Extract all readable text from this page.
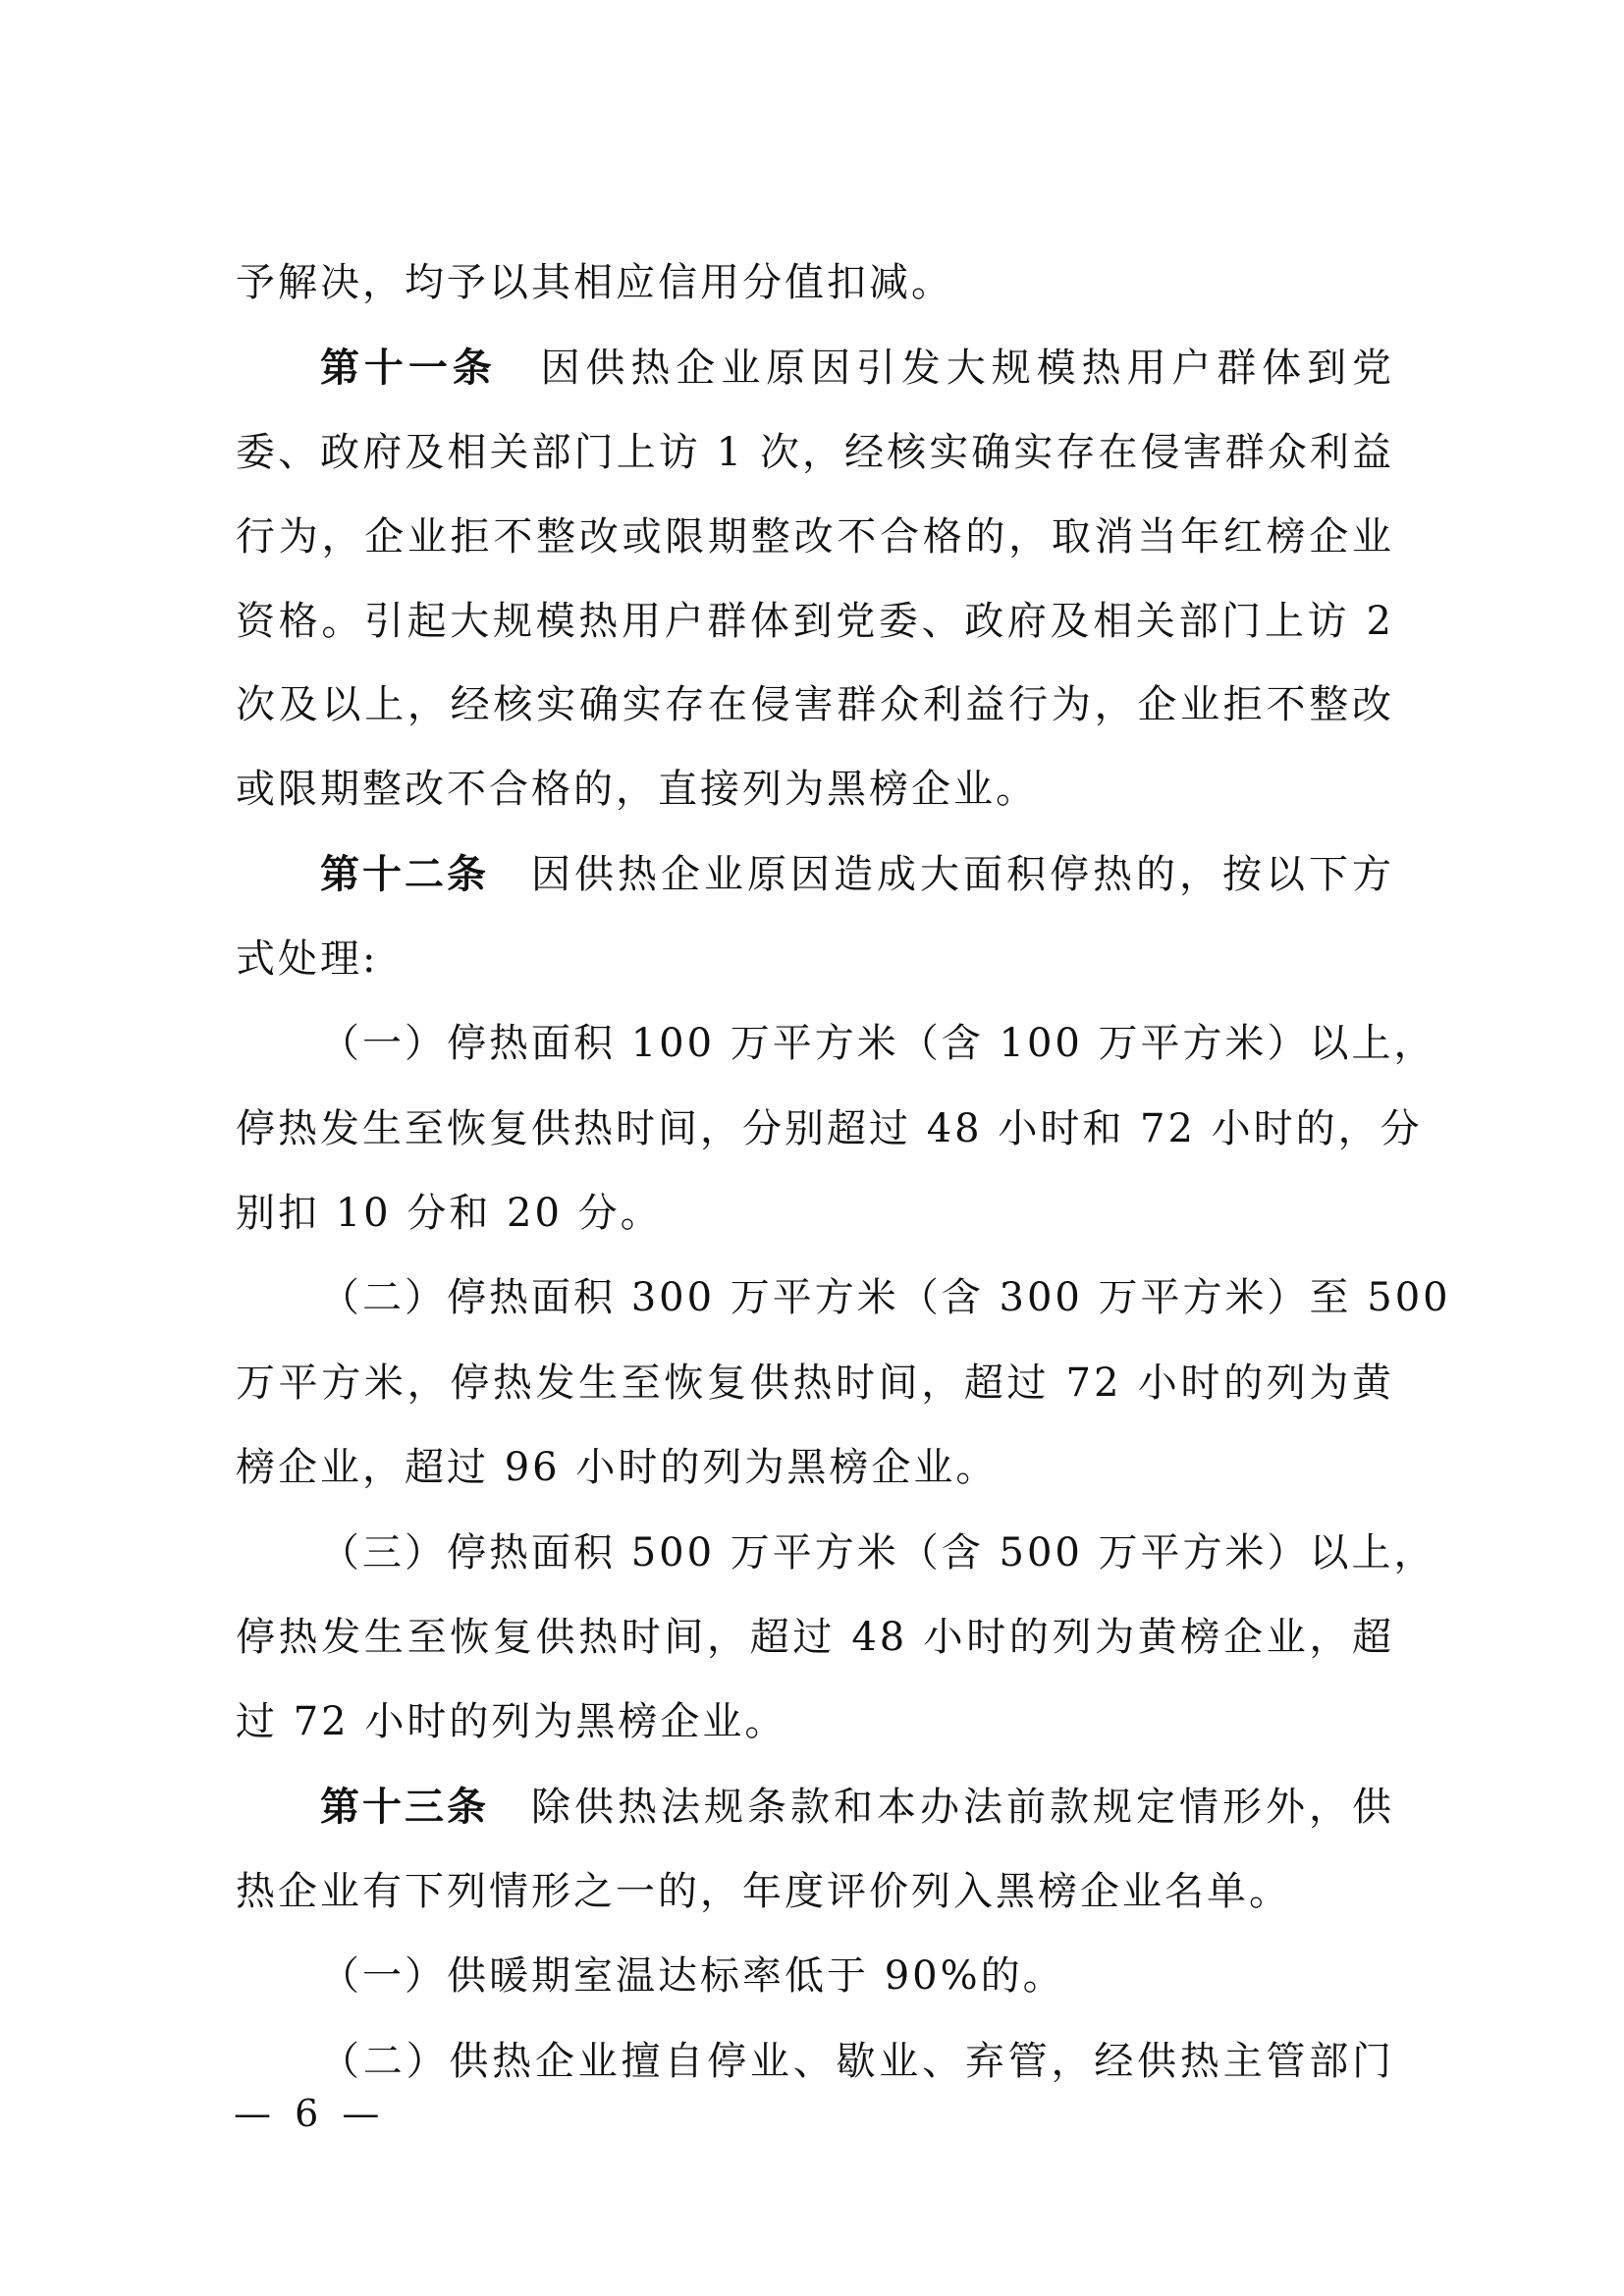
予解决，均予以其相应信用分值扣减。
第十一条 因供热企业原因引发大规模热用户群体到党
委、政府及相关部门上访 1 次，经核实确实存在侵害群众利益
行为，企业拒不整改或限期整改不合格的，取消当年红榜企业
资格。引起大规模热用户群体到党委、政府及相关部门上访 2
次及以上，经核实确实存在侵害群众利益行为，企业拒不整改
或限期整改不合格的，直接列为黑榜企业。
第十二条 因供热企业原因造成大面积停热的，按以下方
式处理:
（一）停热面积 100 万平方米（含 100 万平方米）以上，
停热发生至恢复供热时间，分别超过 48 小时和 72 小时的，分
别扣 10 分和 20 分。
（二）停热面积 300 万平方米（含 300 万平方米）至 500
万平方米，停热发生至恢复供热时间，超过 72 小时的列为黄
榜企业，超过 96 小时的列为黑榜企业。
（三）停热面积 500 万平方米（含 500 万平方米）以上，
停热发生至恢复供热时间，超过 48 小时的列为黄榜企业，超
过 72 小时的列为黑榜企业。
第十三条 除供热法规条款和本办法前款规定情形外，供
热企业有下列情形之一的，年度评价列入黑榜企业名单。
（一）供暖期室温达标率低于 90%的。
（二）供热企业擅自停业、歇业、弃管，经供热主管部门
— 6 —
